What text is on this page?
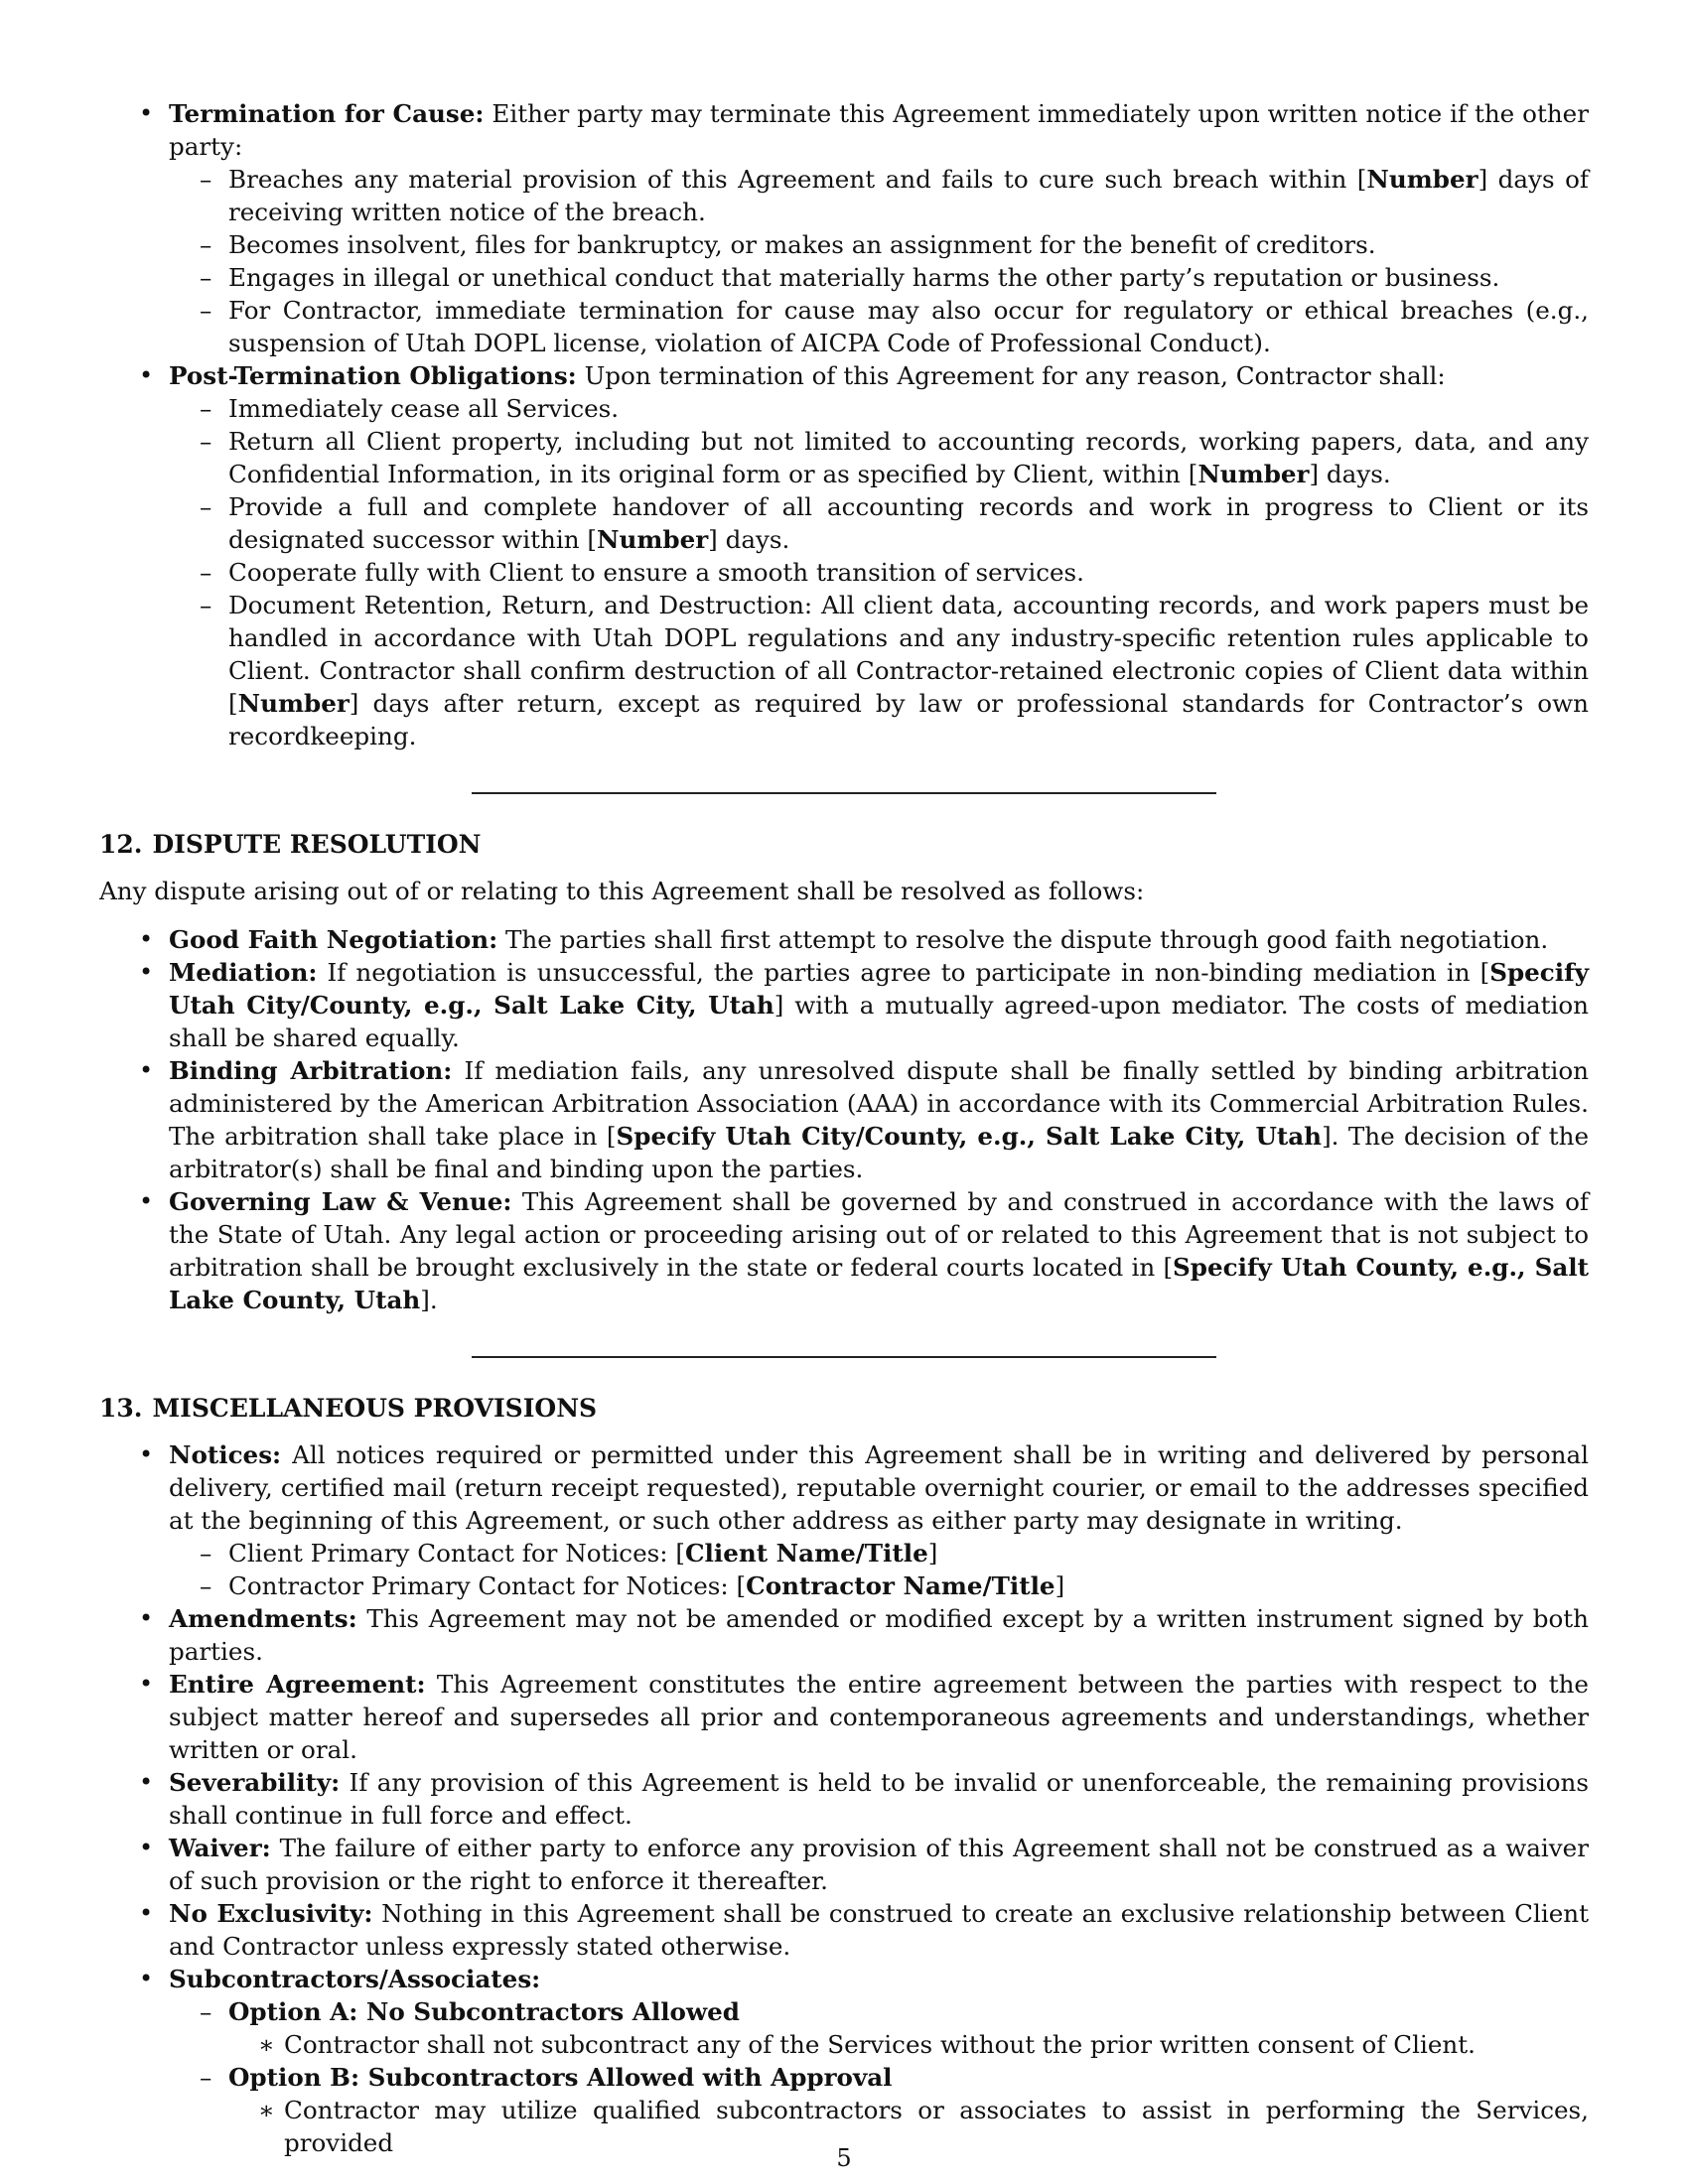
• Termination for Cause: Either party may terminate this Agreement immediately upon written notice if the other party:
– Breaches any material provision of this Agreement and fails to cure such breach within [Number] days of receiving written notice of the breach.
– Becomes insolvent, files for bankruptcy, or makes an assignment for the benefit of creditors.
– Engages in illegal or unethical conduct that materially harms the other party’s reputation or business.
– For Contractor, immediate termination for cause may also occur for regulatory or ethical breaches (e.g., suspension of Utah DOPL license, violation of AICPA Code of Professional Conduct).
• Post-Termination Obligations: Upon termination of this Agreement for any reason, Contractor shall:
– Immediately cease all Services.
– Return all Client property, including but not limited to accounting records, working papers, data, and any Confidential Information, in its original form or as specified by Client, within [Number] days.
– Provide a full and complete handover of all accounting records and work in progress to Client or its designated successor within [Number] days.
– Cooperate fully with Client to ensure a smooth transition of services.
– Document Retention, Return, and Destruction: All client data, accounting records, and work papers must be handled in accordance with Utah DOPL regulations and any industry-specific retention rules applicable to Client. Contractor shall confirm destruction of all Contractor-retained electronic copies of Client data within [Number] days after return, except as required by law or professional standards for Contractor’s own recordkeeping.
12. DISPUTE RESOLUTION

Any dispute arising out of or relating to this Agreement shall be resolved as follows:

• Good Faith Negotiation: The parties shall first attempt to resolve the dispute through good faith negotiation.
• Mediation: If negotiation is unsuccessful, the parties agree to participate in non-binding mediation in [Specify Utah City/County, e.g., Salt Lake City, Utah] with a mutually agreed-upon mediator. The costs of mediation shall be shared equally.
• Binding Arbitration: If mediation fails, any unresolved dispute shall be finally settled by binding arbitration administered by the American Arbitration Association (AAA) in accordance with its Commercial Arbitration Rules. The arbitration shall take place in [Specify Utah City/County, e.g., Salt Lake City, Utah]. The decision of the arbitrator(s) shall be final and binding upon the parties.
• Governing Law & Venue: This Agreement shall be governed by and construed in accordance with the laws of the State of Utah. Any legal action or proceeding arising out of or related to this Agreement that is not subject to arbitration shall be brought exclusively in the state or federal courts located in [Specify Utah County, e.g., Salt Lake County, Utah].
13. MISCELLANEOUS PROVISIONS
• Notices: All notices required or permitted under this Agreement shall be in writing and delivered by personal delivery, certified mail (return receipt requested), reputable overnight courier, or email to the addresses specified at the beginning of this Agreement, or such other address as either party may designate in writing.
– Client Primary Contact for Notices: [Client Name/Title]
– Contractor Primary Contact for Notices: [Contractor Name/Title]
• Amendments: This Agreement may not be amended or modified except by a written instrument signed by both parties.
• Entire Agreement: This Agreement constitutes the entire agreement between the parties with respect to the subject matter hereof and supersedes all prior and contemporaneous agreements and understandings, whether written or oral.
• Severability: If any provision of this Agreement is held to be invalid or unenforceable, the remaining provisions shall continue in full force and effect.
• Waiver: The failure of either party to enforce any provision of this Agreement shall not be construed as a waiver of such provision or the right to enforce it thereafter.
• No Exclusivity: Nothing in this Agreement shall be construed to create an exclusive relationship between Client and Contractor unless expressly stated otherwise.
• Subcontractors/Associates:
– Option A: No Subcontractors Allowed
∗ Contractor shall not subcontract any of the Services without the prior written consent of Client.
– Option B: Subcontractors Allowed with Approval
∗ Contractor may utilize qualified subcontractors or associates to assist in performing the Services, provided
5
